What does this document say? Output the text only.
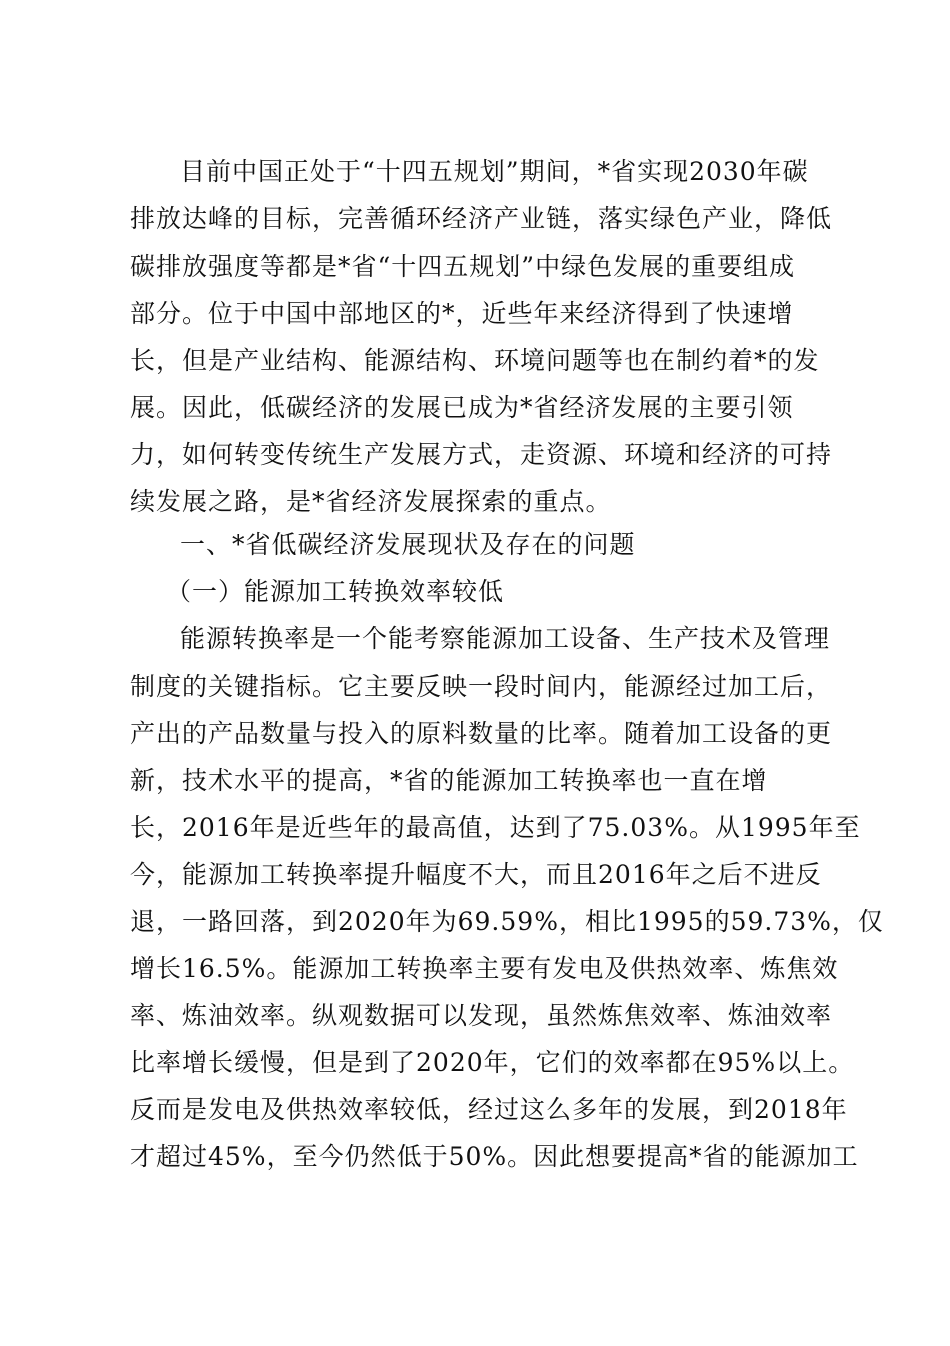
目前中国正处于“十四五规划”期间，*省实现2030年碳
排放达峰的目标，完善循环经济产业链，落实绿色产业，降低
碳排放强度等都是*省“十四五规划”中绿色发展的重要组成
部分。位于中国中部地区的*，近些年来经济得到了快速增
长，但是产业结构、能源结构、环境问题等也在制约着*的发
展。因此，低碳经济的发展已成为*省经济发展的主要引领
力，如何转变传统生产发展方式，走资源、环境和经济的可持
续发展之路，是*省经济发展探索的重点。
一、*省低碳经济发展现状及存在的问题
（一）能源加工转换效率较低
能源转换率是一个能考察能源加工设备、生产技术及管理
制度的关键指标。它主要反映一段时间内，能源经过加工后，
产出的产品数量与投入的原料数量的比率。随着加工设备的更
新，技术水平的提高，*省的能源加工转换率也一直在增
长，2016年是近些年的最高值，达到了75.03%。从1995年至
今，能源加工转换率提升幅度不大，而且2016年之后不进反
退，一路回落，到2020年为69.59%，相比1995的59.73%，仅
增长16.5%。能源加工转换率主要有发电及供热效率、炼焦效
率、炼油效率。纵观数据可以发现，虽然炼焦效率、炼油效率
比率增长缓慢，但是到了2020年，它们的效率都在95%以上。
反而是发电及供热效率较低，经过这么多年的发展，到2018年
才超过45%，至今仍然低于50%。因此想要提高*省的能源加工
